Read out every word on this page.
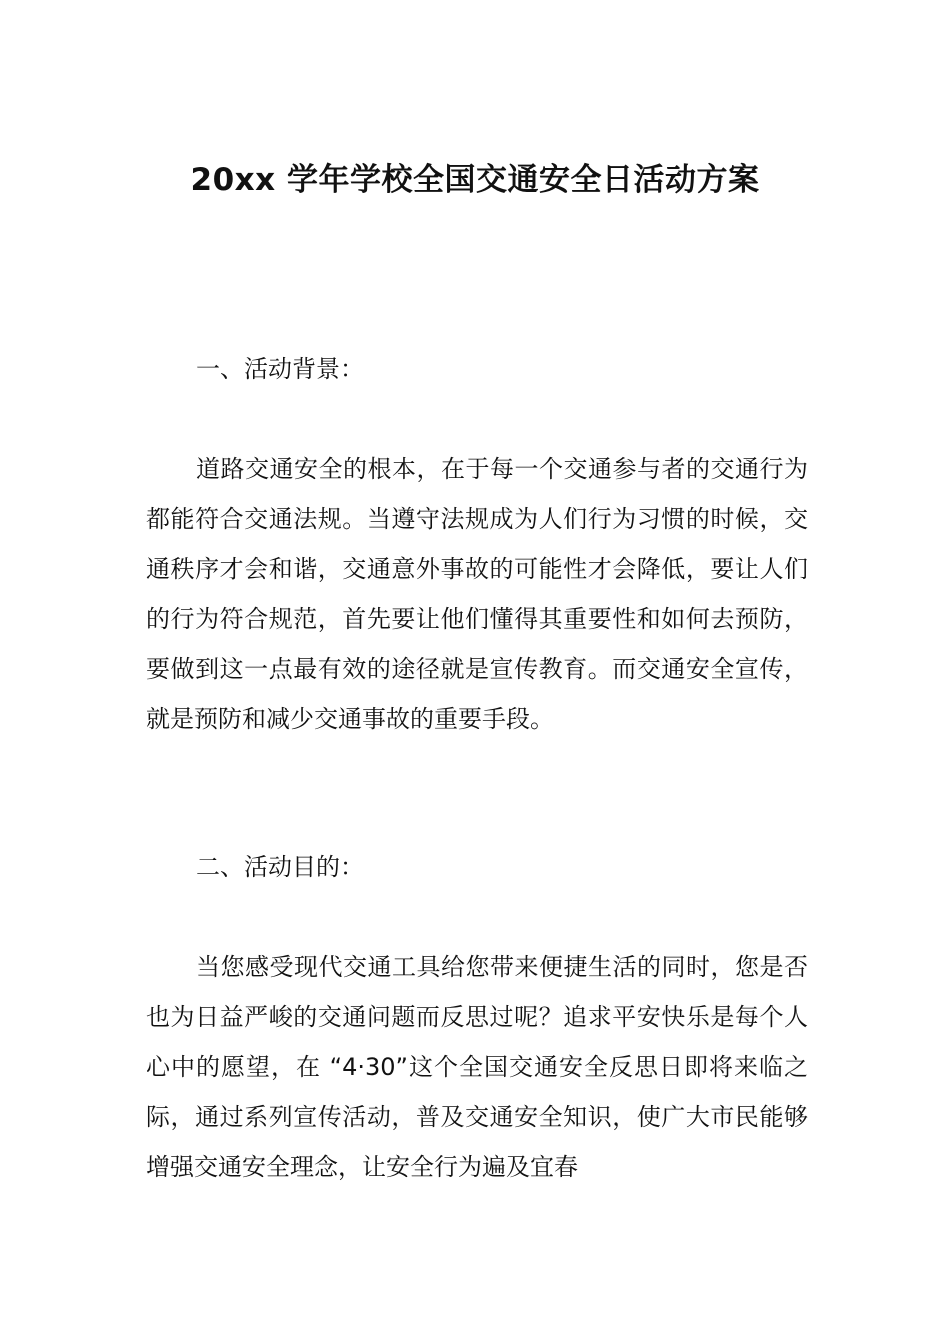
20xx 学年学校全国交通安全日活动方案
一、活动背景：

道路交通安全的根本，在于每一个交通参与者的交通行为都能符合交通法规。当遵守法规成为人们行为习惯的时候，交通秩序才会和谐，交通意外事故的可能性才会降低，要让人们的行为符合规范，首先要让他们懂得其重要性和如何去预防，要做到这一点最有效的途径就是宣传教育。而交通安全宣传，就是预防和减少交通事故的重要手段。

二、活动目的：

当您感受现代交通工具给您带来便捷生活的同时，您是否也为日益严峻的交通问题而反思过呢？追求平安快乐是每个人心中的愿望，在 “4·30”这个全国交通安全反思日即将来临之际，通过系列宣传活动，普及交通安全知识，使广大市民能够增强交通安全理念，让安全行为遍及宜春
